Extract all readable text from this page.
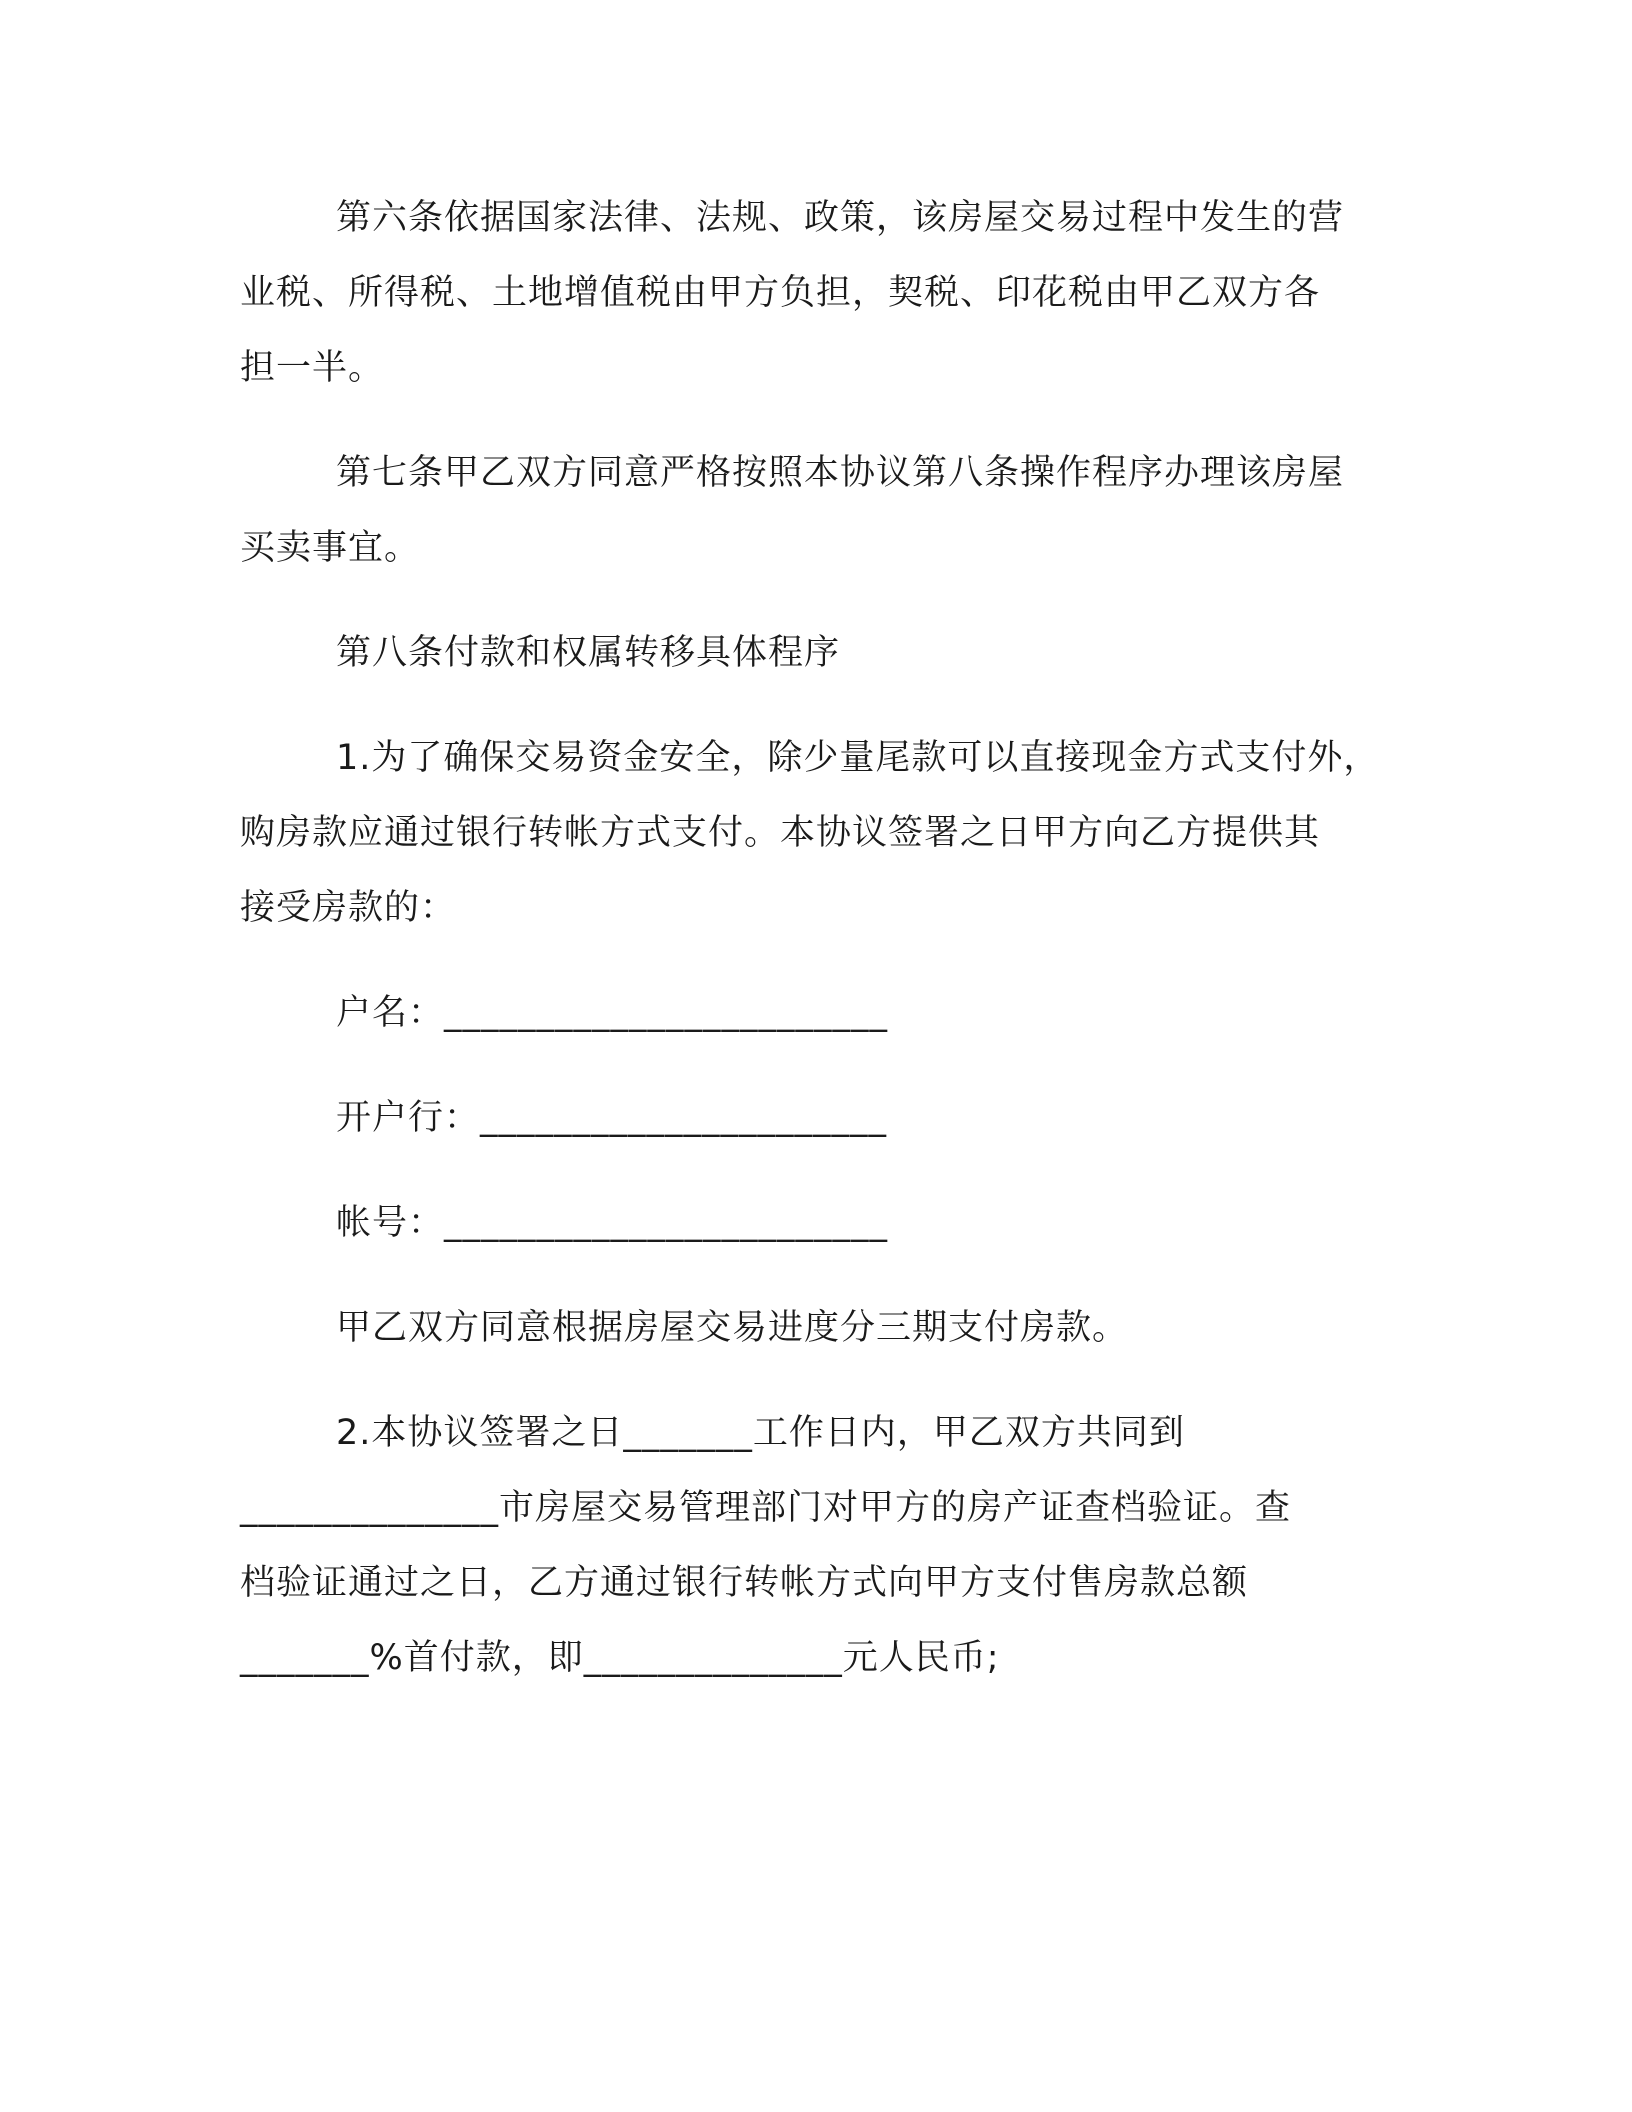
第六条依据国家法律、法规、政策，该房屋交易过程中发生的营
业税、所得税、土地增值税由甲方负担，契税、印花税由甲乙双方各
担一半。
第七条甲乙双方同意严格按照本协议第八条操作程序办理该房屋
买卖事宜。
第八条付款和权属转移具体程序
1.为了确保交易资金安全，除少量尾款可以直接现金方式支付外，
购房款应通过银行转帐方式支付。本协议签署之日甲方向乙方提供其
接受房款的：
户名：________________________
开户行：______________________
帐号：________________________
甲乙双方同意根据房屋交易进度分三期支付房款。
2.本协议签署之日_______工作日内，甲乙双方共同到
______________市房屋交易管理部门对甲方的房产证查档验证。查
档验证通过之日，乙方通过银行转帐方式向甲方支付售房款总额
_______%首付款，即______________元人民币;
